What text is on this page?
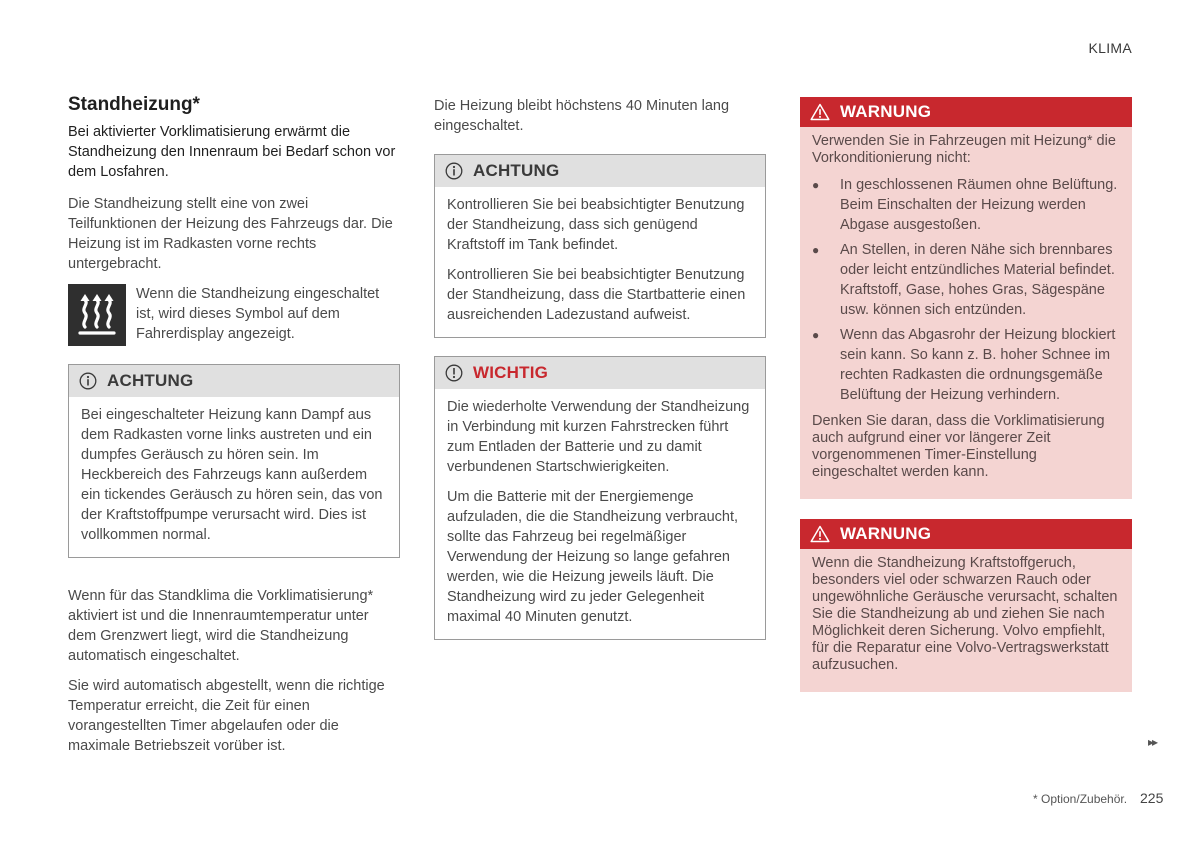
KLIMA
Standheizung*
Bei aktivierter Vorklimatisierung erwärmt die Standheizung den Innenraum bei Bedarf schon vor dem Losfahren.

Die Standheizung stellt eine von zwei Teilfunktionen der Heizung des Fahrzeugs dar. Die Heizung ist im Radkasten vorne rechts untergebracht.

Wenn die Standheizung eingeschaltet ist, wird dieses Symbol auf dem Fahrerdisplay angezeigt.

ACHTUNG

Bei eingeschalteter Heizung kann Dampf aus dem Radkasten vorne links austreten und ein dumpfes Geräusch zu hören sein. Im Heckbereich des Fahrzeugs kann außerdem ein tickendes Geräusch zu hören sein, das von der Kraftstoffpumpe verursacht wird. Dies ist vollkommen normal.

Wenn für das Standklima die Vorklimatisierung* aktiviert ist und die Innenraumtemperatur unter dem Grenzwert liegt, wird die Standheizung automatisch eingeschaltet.

Sie wird automatisch abgestellt, wenn die richtige Temperatur erreicht, die Zeit für einen vorangestellten Timer abgelaufen oder die maximale Betriebszeit vorüber ist.

Die Heizung bleibt höchstens 40 Minuten lang eingeschaltet.

ACHTUNG

Kontrollieren Sie bei beabsichtigter Benutzung der Standheizung, dass sich genügend Kraftstoff im Tank befindet.

Kontrollieren Sie bei beabsichtigter Benutzung der Standheizung, dass die Startbatterie einen ausreichenden Ladezustand aufweist.

WICHTIG

Die wiederholte Verwendung der Standheizung in Verbindung mit kurzen Fahrstrecken führt zum Entladen der Batterie und zu damit verbundenen Startschwierigkeiten.

Um die Batterie mit der Energiemenge aufzuladen, die die Standheizung verbraucht, sollte das Fahrzeug bei regelmäßiger Verwendung der Heizung so lange gefahren werden, wie die Heizung jeweils läuft. Die Standheizung wird zu jeder Gelegenheit maximal 40 Minuten genutzt.

WARNUNG

Verwenden Sie in Fahrzeugen mit Heizung* die Vorkonditionierung nicht:

●	In geschlossenen Räumen ohne Belüftung. Beim Einschalten der Heizung werden Abgase ausgestoßen.
●	An Stellen, in deren Nähe sich brennbares oder leicht entzündliches Material befindet. Kraftstoff, Gase, hohes Gras, Sägespäne usw. können sich entzünden.
●	Wenn das Abgasrohr der Heizung blockiert sein kann. So kann z. B. hoher Schnee im rechten Radkasten die ordnungsgemäße Belüftung der Heizung verhindern.

Denken Sie daran, dass die Vorklimatisierung auch aufgrund einer vor längerer Zeit vorgenommenen Timer-Einstellung eingeschaltet werden kann.

WARNUNG

Wenn die Standheizung Kraftstoffgeruch, besonders viel oder schwarzen Rauch oder ungewöhnliche Geräusche verursacht, schalten Sie die Standheizung ab und ziehen Sie nach Möglichkeit deren Sicherung. Volvo empfiehlt, für die Reparatur eine Volvo-Vertragswerkstatt aufzusuchen.

▸▸
* Option/Zubehör. 225
